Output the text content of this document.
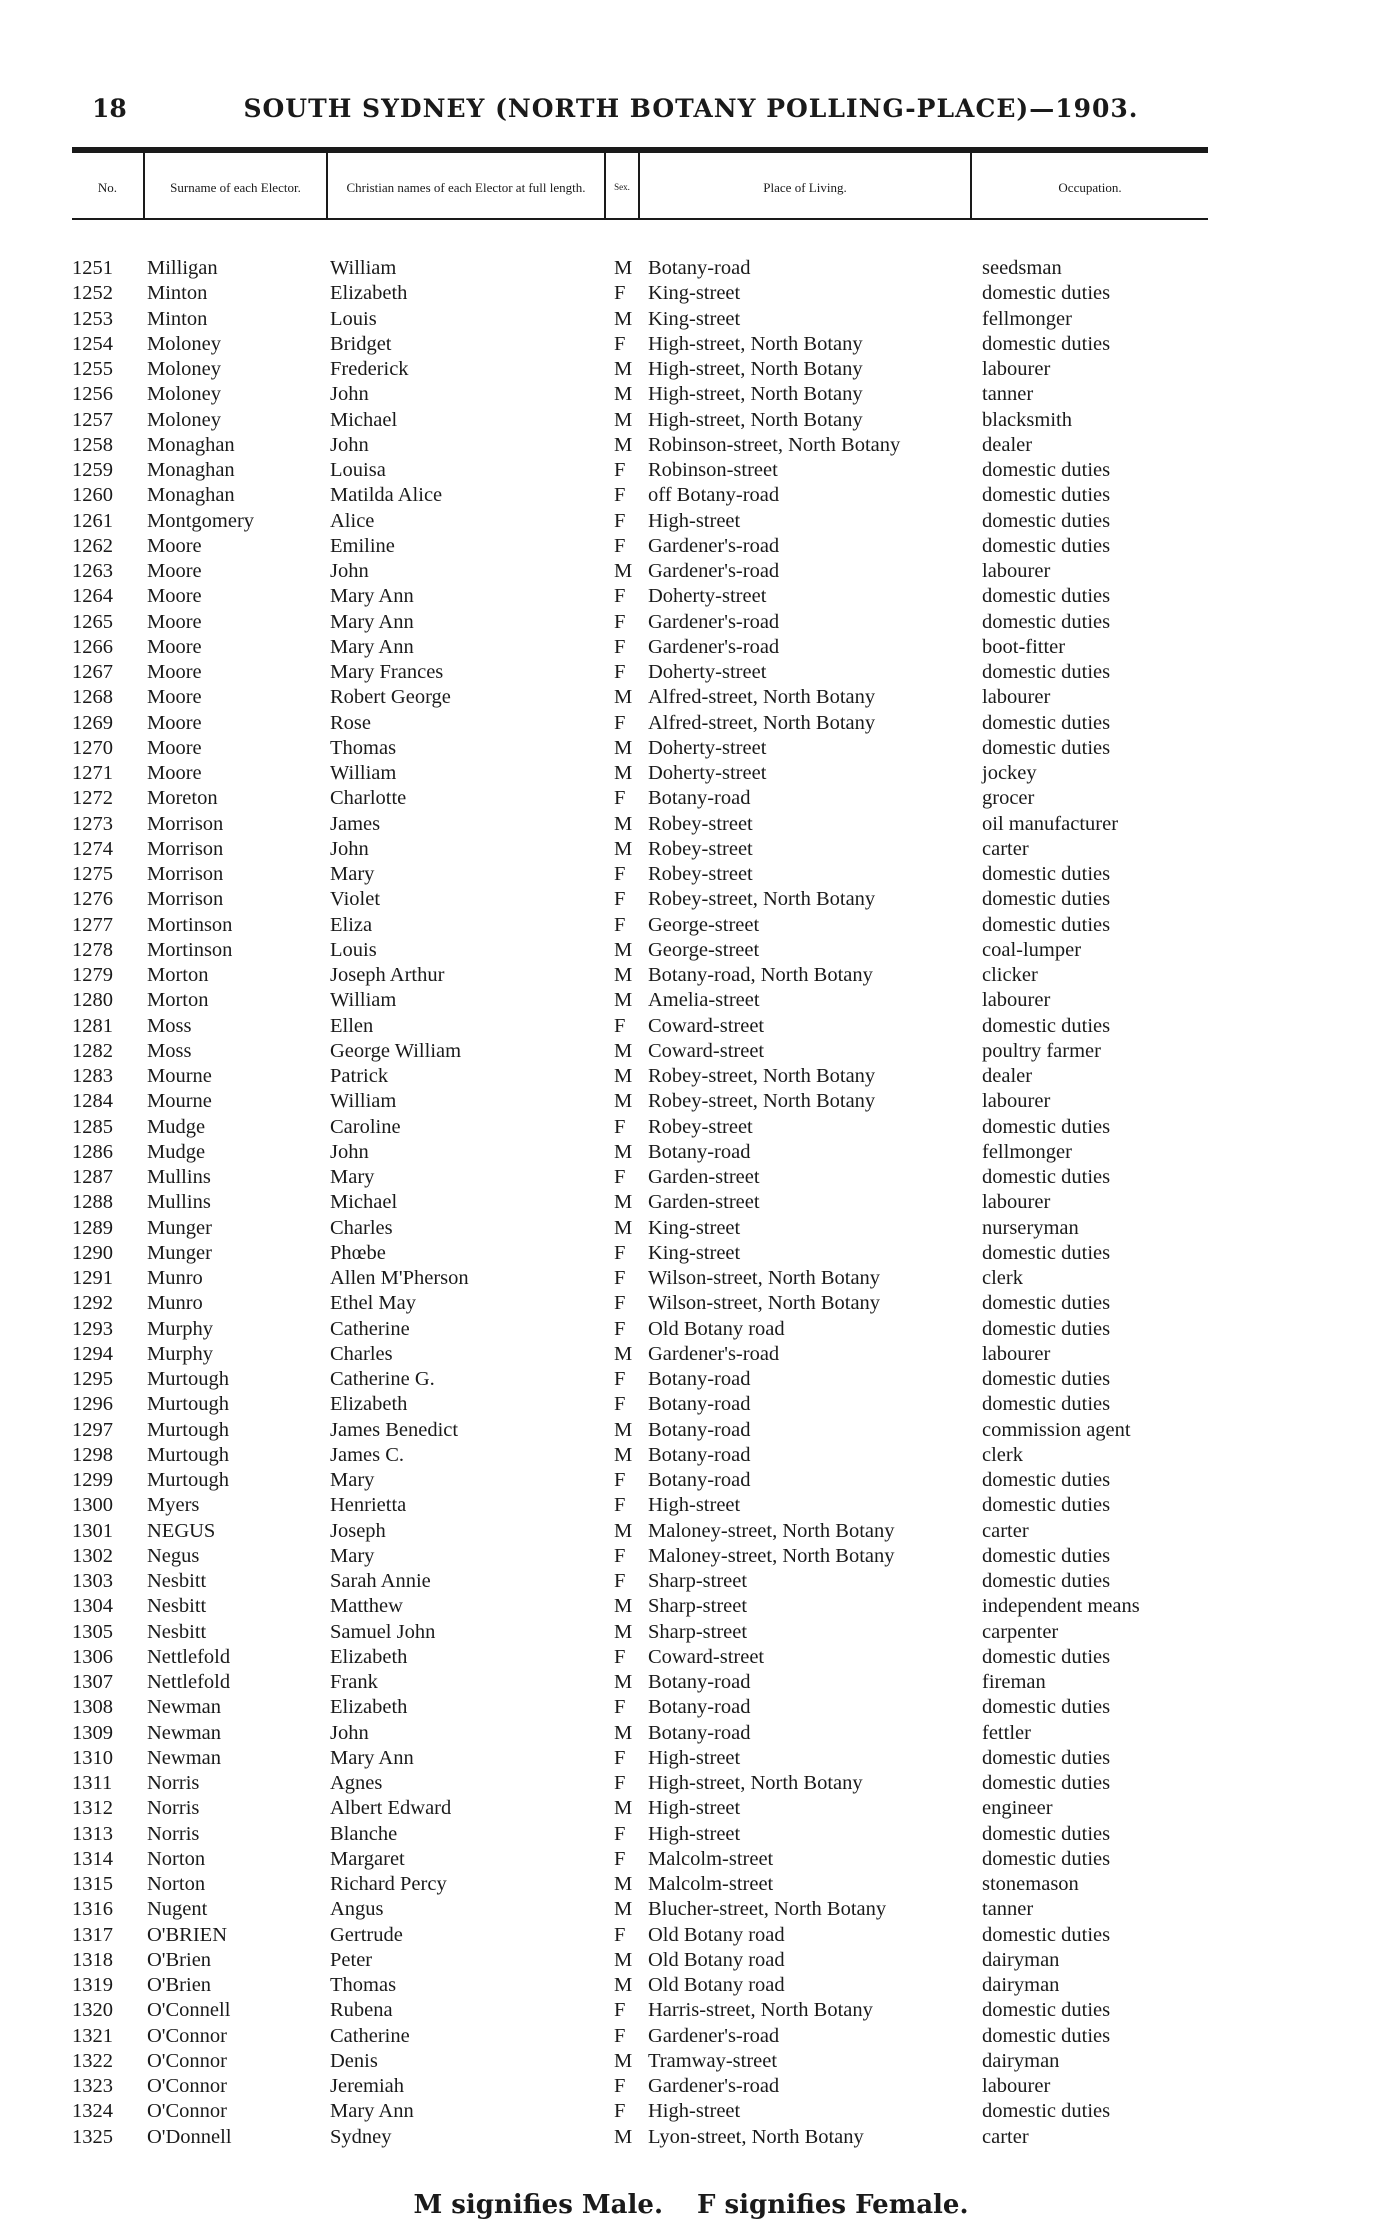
18	SOUTH SYDNEY (NORTH BOTANY POLLING-PLACE)—1903.
No.	Surname of each Elector.	Christian names of each Elector at full length.	Sex.	Place of Living.	Occupation.
1251	Milligan	William	M Botany-road	seedsman
1252	Minton	Elizabeth	F King-street	domestic duties
1253	Minton	Louis	M King-street	fellmonger
1254	Moloney	Bridget	F High-street, North Botany	domestic duties
1255	Moloney	Frederick	M High-street, North Botany	labourer
1256	Moloney	John	M High-street, North Botany	tanner
1257	Moloney	Michael	M High-street, North Botany	blacksmith
1258	Monaghan	John	M Robinson-street, North Botany	dealer
1259	Monaghan	Louisa	F Robinson-street	domestic duties
1260	Monaghan	Matilda Alice	F off Botany-road	domestic duties
1261	Montgomery	Alice	F High-street	domestic duties
1262	Moore	Emiline	F Gardener's-road	domestic duties
1263	Moore	John	M Gardener's-road	labourer
1264	Moore	Mary Ann	F Doherty-street	domestic duties
1265	Moore	Mary Ann	F Gardener's-road	domestic duties
1266	Moore	Mary Ann	F Gardener's-road	boot-fitter
1267	Moore	Mary Frances	F Doherty-street	domestic duties
1268	Moore	Robert George	M Alfred-street, North Botany	labourer
1269	Moore	Rose	F Alfred-street, North Botany	domestic duties
1270	Moore	Thomas	M Doherty-street	domestic duties
1271	Moore	William	M Doherty-street	jockey
1272	Moreton	Charlotte	F Botany-road	grocer
1273	Morrison	James	M Robey-street	oil manufacturer
1274	Morrison	John	M Robey-street	carter
1275	Morrison	Mary	F Robey-street	domestic duties
1276	Morrison	Violet	F Robey-street, North Botany	domestic duties
1277	Mortinson	Eliza	F George-street	domestic duties
1278	Mortinson	Louis	M George-street	coal-lumper
1279	Morton	Joseph Arthur	M Botany-road, North Botany	clicker
1280	Morton	William	M Amelia-street	labourer
1281	Moss	Ellen	F Coward-street	domestic duties
1282	Moss	George William	M Coward-street	poultry farmer
1283	Mourne	Patrick	M Robey-street, North Botany	dealer
1284	Mourne	William	M Robey-street, North Botany	labourer
1285	Mudge	Caroline	F Robey-street	domestic duties
1286	Mudge	John	M Botany-road	fellmonger
1287	Mullins	Mary	F Garden-street	domestic duties
1288	Mullins	Michael	M Garden-street	labourer
1289	Munger	Charles	M King-street	nurseryman
1290	Munger	Phœbe	F King-street	domestic duties
1291	Munro	Allen M'Pherson	F Wilson-street, North Botany	clerk
1292	Munro	Ethel May	F Wilson-street, North Botany	domestic duties
1293	Murphy	Catherine	F Old Botany road	domestic duties
1294	Murphy	Charles	M Gardener's-road	labourer
1295	Murtough	Catherine G.	F Botany-road	domestic duties
1296	Murtough	Elizabeth	F Botany-road	domestic duties
1297	Murtough	James Benedict	M Botany-road	commission agent
1298	Murtough	James C.	M Botany-road	clerk
1299	Murtough	Mary	F Botany-road	domestic duties
1300	Myers	Henrietta	F High-street	domestic duties
1301	NEGUS	Joseph	M Maloney-street, North Botany	carter
1302	Negus	Mary	F Maloney-street, North Botany	domestic duties
1303	Nesbitt	Sarah Annie	F Sharp-street	domestic duties
1304	Nesbitt	Matthew	M Sharp-street	independent means
1305	Nesbitt	Samuel John	M Sharp-street	carpenter
1306	Nettlefold	Elizabeth	F Coward-street	domestic duties
1307	Nettlefold	Frank	M Botany-road	fireman
1308	Newman	Elizabeth	F Botany-road	domestic duties
1309	Newman	John	M Botany-road	fettler
1310	Newman	Mary Ann	F High-street	domestic duties
1311	Norris	Agnes	F High-street, North Botany	domestic duties
1312	Norris	Albert Edward	M High-street	engineer
1313	Norris	Blanche	F High-street	domestic duties
1314	Norton	Margaret	F Malcolm-street	domestic duties
1315	Norton	Richard Percy	M Malcolm-street	stonemason
1316	Nugent	Angus	M Blucher-street, North Botany	tanner
1317	O'BRIEN	Gertrude	F Old Botany road	domestic duties
1318	O'Brien	Peter	M Old Botany road	dairyman
1319	O'Brien	Thomas	M Old Botany road	dairyman
1320	O'Connell	Rubena	F Harris-street, North Botany	domestic duties
1321	O'Connor	Catherine	F Gardener's-road	domestic duties
1322	O'Connor	Denis	M Tramway-street	dairyman
1323	O'Connor	Jeremiah	F Gardener's-road	labourer
1324	O'Connor	Mary Ann	F High-street	domestic duties
1325	O'Donnell	Sydney	M Lyon-street, North Botany	carter
M signifies Male. F signifies Female.
